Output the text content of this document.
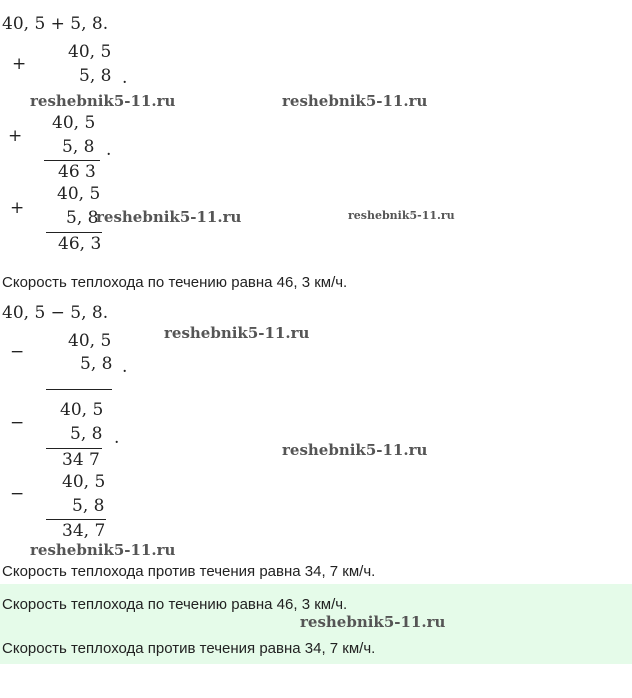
40, 5 + 5, 8.
+
40, 5
5, 8 .
reshebnik5-11.ru	reshebnik5-11.ru
+
40, 5
5, 8 .
46 3
+
40, 5
5, 8
reshebnik5-11.ru	reshebnik5-11.ru
46, 3
Скорость теплохода по течению равна 46, 3 км/ч.
40, 5 − 5, 8.
−
40, 5	reshebnik5-11.ru
5, 8 .
−
40, 5
5, 8 .
34 7	reshebnik5-11.ru
−
40, 5
5, 8
34, 7
reshebnik5-11.ru
Скорость теплохода против течения равна 34, 7 км/ч.
Скорость теплохода по течению равна 46, 3 км/ч.
reshebnik5-11.ru
Скорость теплохода против течения равна 34, 7 км/ч.
